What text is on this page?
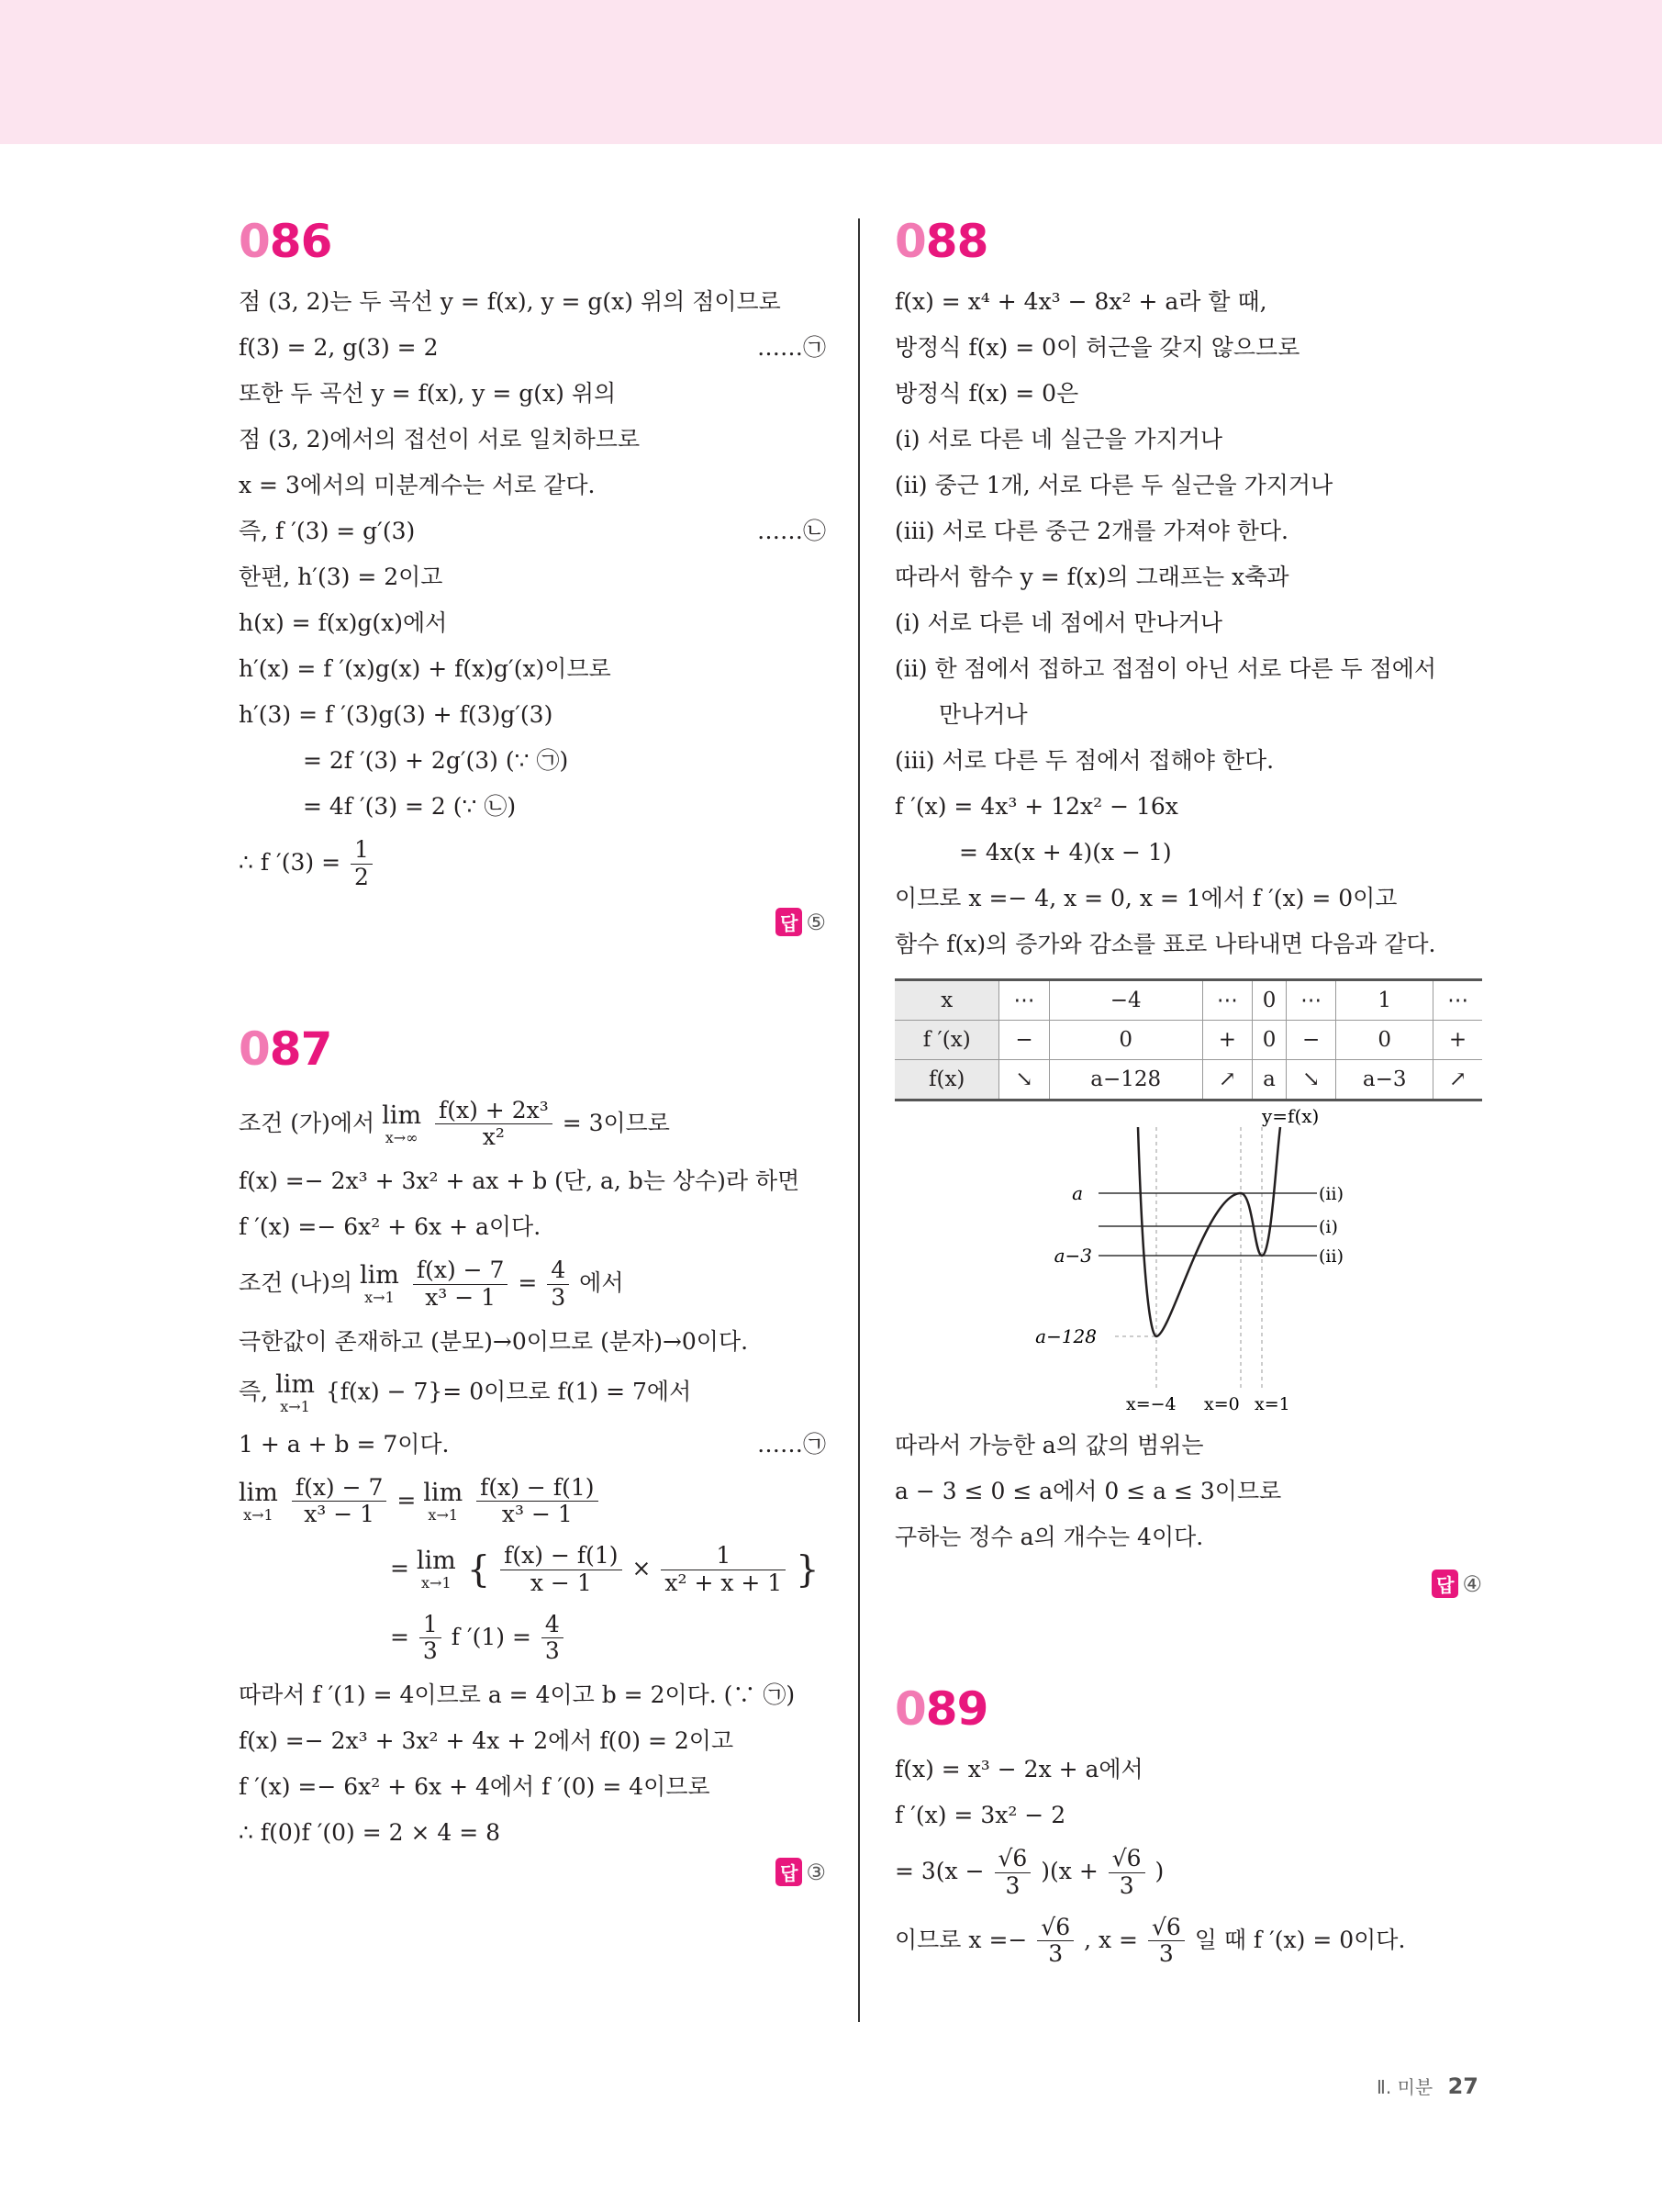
086
점 (3, 2)는 두 곡선 y = f(x), y = g(x) 위의 점이므로
f(3) = 2, g(3) = 2	……㉠
또한 두 곡선 y = f(x), y = g(x) 위의
점 (3, 2)에서의 접선이 서로 일치하므로
x = 3에서의 미분계수는 서로 같다.
즉, f ′(3) = g′(3)	……㉡
한편, h′(3) = 2이고
h(x) = f(x)g(x)에서
h′(x) = f ′(x)g(x) + f(x)g′(x)이므로
h′(3) = f ′(3)g(3) + f(3)g′(3)
= 2f ′(3) + 2g′(3) (∵ ㉠)
= 4f ′(3) = 2 (∵ ㉡)
∴ f $'(3) = \frac{1}{2}$
답 ⑤
087
조건 (가)에서 lim
x→∞
$\frac{\text{f(x) + 2x³}}{\text{x²}} = 3$이므로
f(x) =− 2x³ + 3x² + ax + b (단, a, b는 상수)라 하면
f ′(x) =− 6x² + 6x + a이다.
조건 (나)의 lim
x→1
$\frac{f(x) - 7}{\text{x³ − 1}} = \frac{4}{3}$ 에서
극한값이 존재하고 (분모)→0이므로 (분자)→0이다.
즉, lim
x→1
{f(x) − 7}= 0이므로 f(1) = 7에서
1 + a + b = 7이다.	……㉠
lim
x→1
$\frac{f(x) - 7}{\text{x³ − 1}} = \lim$
x→1
$\frac{f(x) - f(1)}{\text{x³ − 1}}$
= lim
x→1 { $\frac{f(x) - f(1)}{x - 1} \times \frac{1}{\text{x² + x + 1}}$ }
= $\frac{1}{3}$ f $'(1) = \frac{4}{3}$
따라서 f ′(1) = 4이므로 a = 4이고 b = 2이다. (∵ ㉠)
f(x) =− 2x³ + 3x² + 4x + 2에서 f(0) = 2이고
f ′(x) =− 6x² + 6x + 4에서 f ′(0) = 4이므로
∴ f(0)f ′(0) = 2 × 4 = 8
답 ③
088
f(x) = x⁴ + 4x³ − 8x² + a라 할 때,
방정식 f(x) = 0이 허근을 갖지 않으므로
방정식 f(x) = 0은
(ⅰ) 서로 다른 네 실근을 가지거나
(ⅱ) 중근 1개, 서로 다른 두 실근을 가지거나
(ⅲ) 서로 다른 중근 2개를 가져야 한다.
따라서 함수 y = f(x)의 그래프는 x축과
(ⅰ) 서로 다른 네 점에서 만나거나
(ⅱ) 한 점에서 접하고 접점이 아닌 서로 다른 두 점에서
만나거나
(ⅲ) 서로 다른 두 점에서 접해야 한다.
f ′(x) = 4x³ + 12x² − 16x
= 4x(x + 4)(x − 1)
이므로 x =− 4, x = 0, x = 1에서 f ′(x) = 0이고
함수 f(x)의 증가와 감소를 표로 나타내면 다음과 같다.
x	⋯	−4	⋯	0	⋯	1	⋯
f ′(x)	−	0	+	0	−	0	+
f(x)	↘	a−128	↗	a	↘	a−3	↗
y=f(x)
a
a−3
a−128
(ⅱ)
(ⅰ)
(ⅱ)
x=−4 x=0 x=1
따라서 가능한 a의 값의 범위는
a − 3 ≤ 0 ≤ a에서 0 ≤ a ≤ 3이므로
구하는 정수 a의 개수는 4이다.
답 ④
089
f(x) = x³ − 2x + a에서
f ′(x) = 3x² − 2
= $3(x - \frac{√6}{3} )(x + \frac{√6}{3}$ )
이므로 $x =- \frac{√6}{3}$ , $x = \frac{√6}{3}$ 일 때 f ′(x) = 0이다.
Ⅱ. 미분 27
